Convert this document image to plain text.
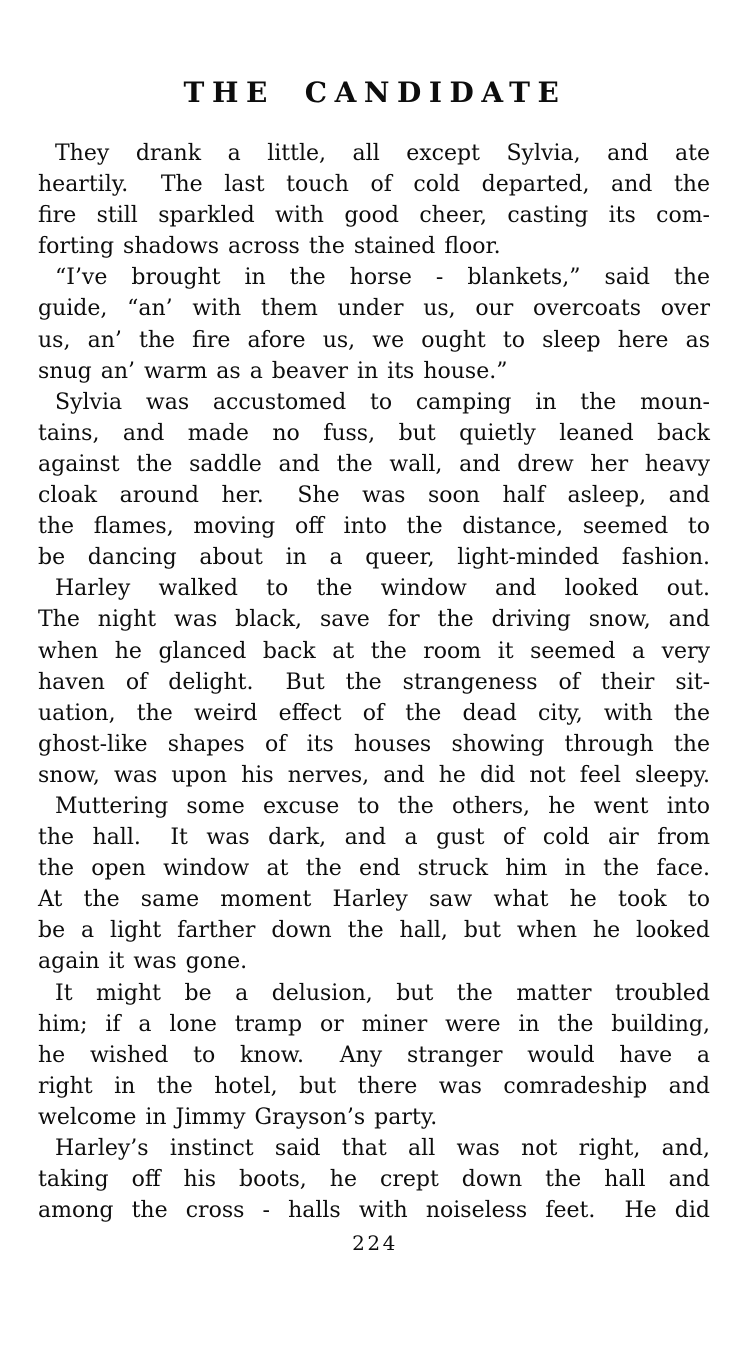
THE CANDIDATE

They drank a little, all except Sylvia, and ate
heartily.  The last touch of cold departed, and the
fire still sparkled with good cheer, casting its com-
forting shadows across the stained floor.

“I’ve brought in the horse - blankets,” said the
guide, “an’ with them under us, our overcoats over
us, an’ the fire afore us, we ought to sleep here as
snug an’ warm as a beaver in its house.”

Sylvia was accustomed to camping in the moun-
tains, and made no fuss, but quietly leaned back
against the saddle and the wall, and drew her heavy
cloak around her.  She was soon half asleep, and
the flames, moving off into the distance, seemed to
be dancing about in a queer, light-minded fashion.

Harley walked to the window and looked out.
The night was black, save for the driving snow, and
when he glanced back at the room it seemed a very
haven of delight.  But the strangeness of their sit-
uation, the weird effect of the dead city, with the
ghost-like shapes of its houses showing through the
snow, was upon his nerves, and he did not feel sleepy.

Muttering some excuse to the others, he went into
the hall.  It was dark, and a gust of cold air from
the open window at the end struck him in the face.
At the same moment Harley saw what he took to
be a light farther down the hall, but when he looked
again it was gone.

It might be a delusion, but the matter troubled
him; if a lone tramp or miner were in the building,
he wished to know.  Any stranger would have a
right in the hotel, but there was comradeship and
welcome in Jimmy Grayson’s party.

Harley’s instinct said that all was not right, and,
taking off his boots, he crept down the hall and
among the cross - halls with noiseless feet.  He did

224
